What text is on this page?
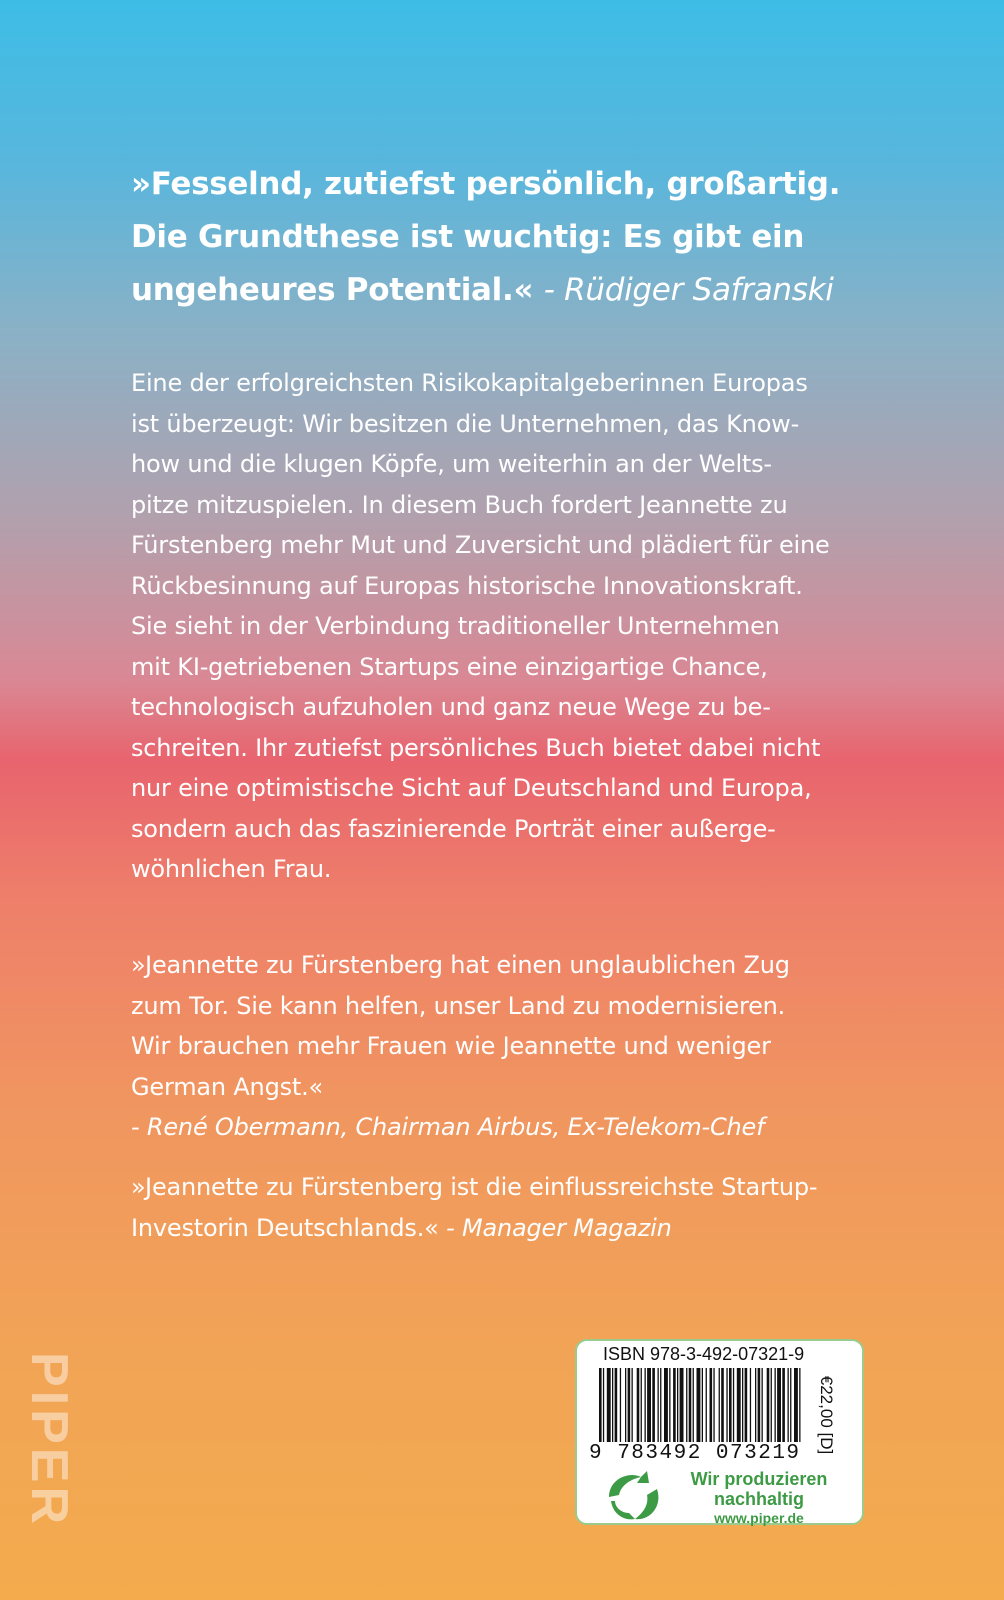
»Fesselnd, zutiefst persönlich, großartig.
Die Grundthese ist wuchtig: Es gibt ein
ungeheures Potential.« - Rüdiger Safranski
Eine der erfolgreichsten Risikokapitalgeberinnen Europas
ist überzeugt: Wir besitzen die Unternehmen, das Know-
how und die klugen Köpfe, um weiterhin an der Welts-
pitze mitzuspielen. In diesem Buch fordert Jeannette zu
Fürstenberg mehr Mut und Zuversicht und plädiert für eine
Rückbesinnung auf Europas historische Innovationskraft.
Sie sieht in der Verbindung traditioneller Unternehmen
mit KI-getriebenen Startups eine einzigartige Chance,
technologisch aufzuholen und ganz neue Wege zu be-
schreiten. Ihr zutiefst persönliches Buch bietet dabei nicht
nur eine optimistische Sicht auf Deutschland und Europa,
sondern auch das faszinierende Porträt einer außerge-
wöhnlichen Frau.
»Jeannette zu Fürstenberg hat einen unglaublichen Zug
zum Tor. Sie kann helfen, unser Land zu modernisieren.
Wir brauchen mehr Frauen wie Jeannette und weniger
German Angst.«
- René Obermann, Chairman Airbus, Ex-Telekom-Chef
»Jeannette zu Fürstenberg ist die einflussreichste Startup-
Investorin Deutschlands.« - Manager Magazin
PIPER	ISBN 978-3-492-07321-9
9 783492 073219 €22,00 [D]
Wir produzieren
nachhaltig
www.piper.de
